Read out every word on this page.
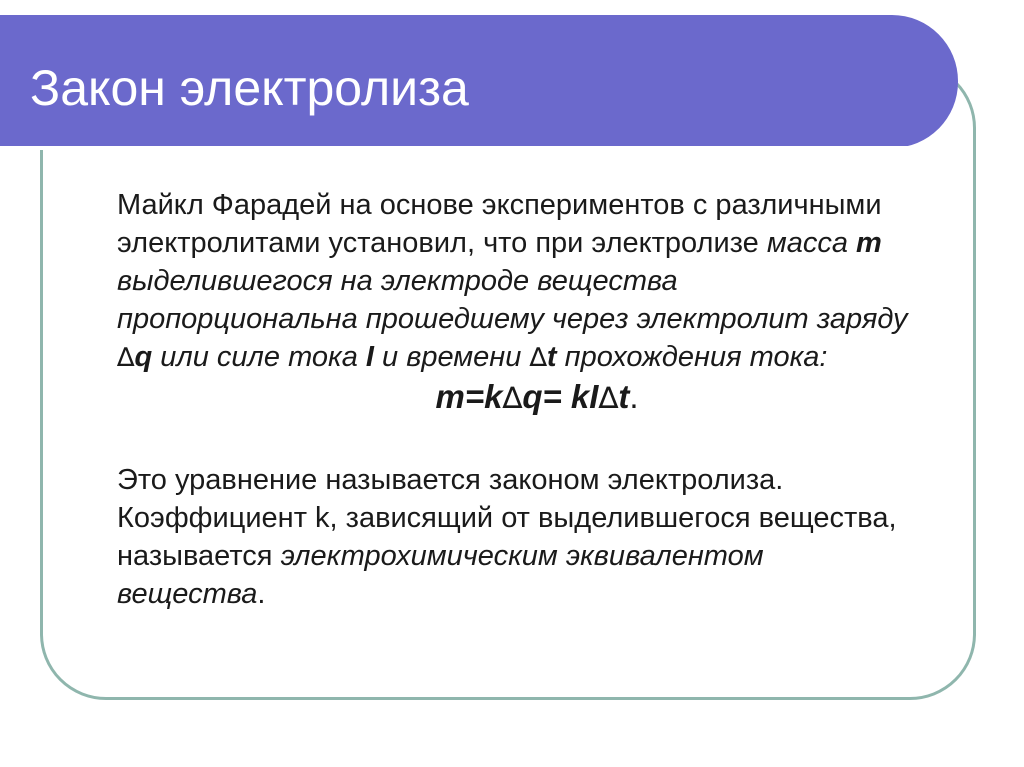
Закон электролиза

Майкл Фарадей на основе экспериментов с различными электролитами установил, что при электролизе масса m выделившегося на электроде вещества пропорциональна прошедшему через электролит заряду ∆q или силе тока I и времени ∆t прохождения тока:

m=k∆q= kI∆t.

Это уравнение называется законом электролиза. Коэффициент k, зависящий от выделившегося вещества, называется электрохимическим эквивалентом вещества.
